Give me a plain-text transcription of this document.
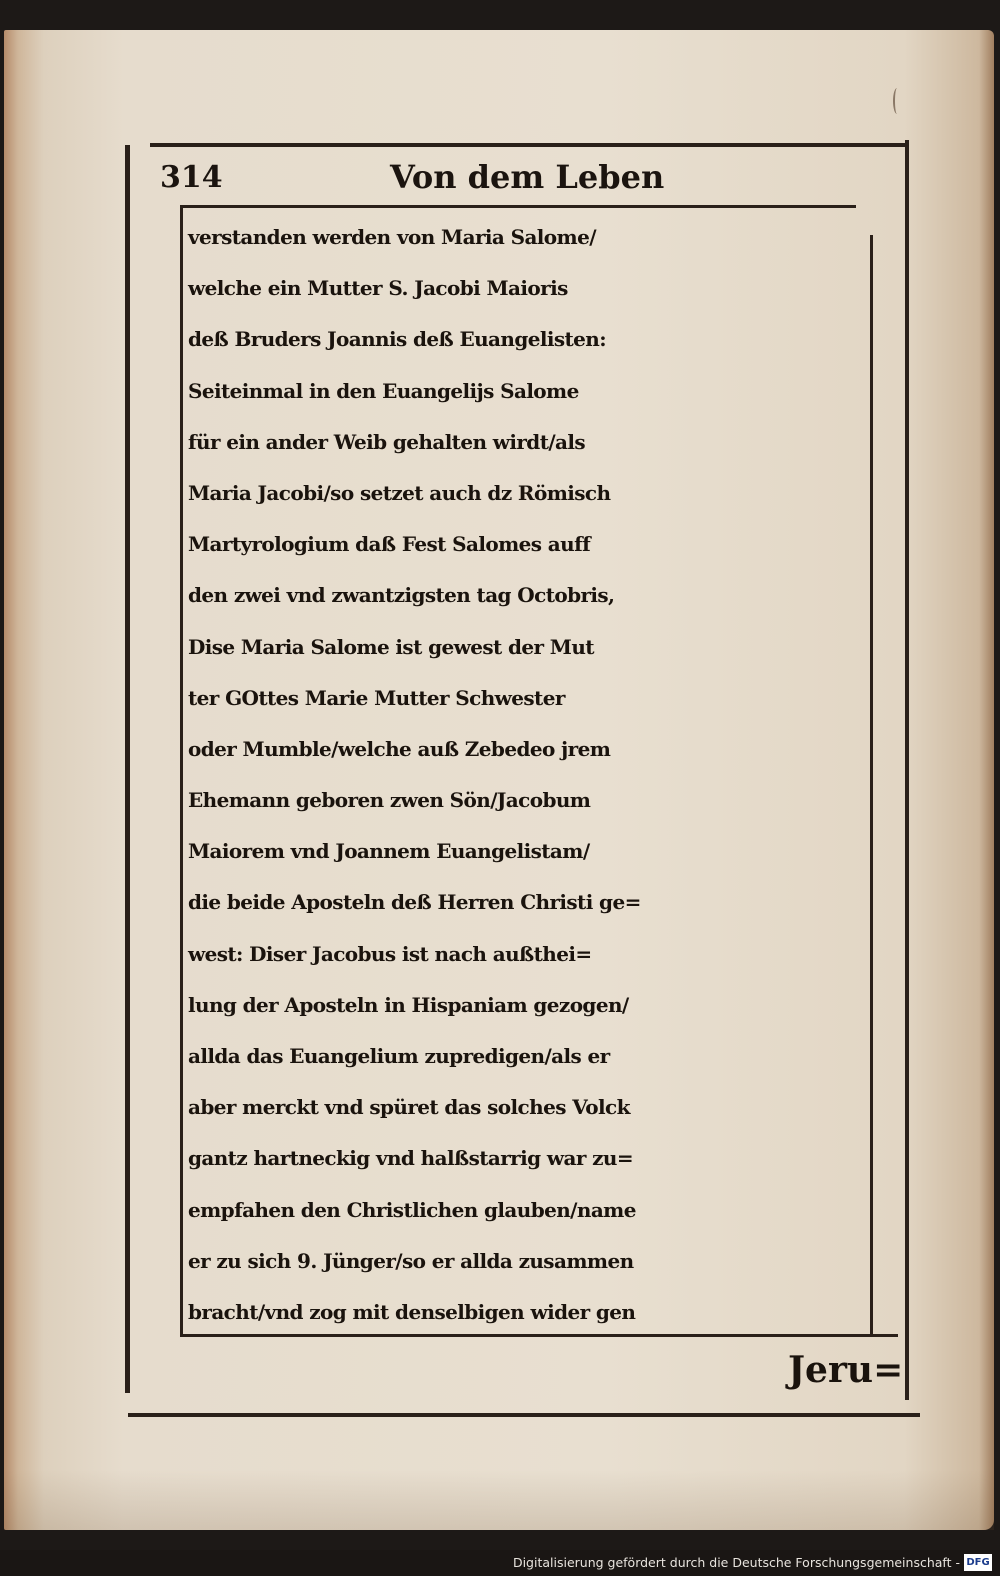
314	Von dem Leben
verstanden werden von Maria Salome/
welche ein Mutter S. Jacobi Maioris
deß Bruders Joannis deß Euangelisten:
Seiteinmal in den Euangelijs Salome
für ein ander Weib gehalten wirdt/als
Maria Jacobi/so setzet auch dz Römisch
Martyrologium daß Fest Salomes auff
den zwei vnd zwantzigsten tag Octobris,
Dise Maria Salome ist gewest der Mut
ter GOttes Marie Mutter Schwester
oder Mumble/welche auß Zebedeo jrem
Ehemann geboren zwen Sön/Jacobum
Maiorem vnd Joannem Euangelistam/
die beide Aposteln deß Herren Christi ge=
west: Diser Jacobus ist nach außthei=
lung der Aposteln in Hispaniam gezogen/
allda das Euangelium zupredigen/als er
aber merckt vnd spüret das solches Volck
gantz hartneckig vnd halßstarrig war zu=
empfahen den Christlichen glauben/name
er zu sich 9. Jünger/so er allda zusammen
bracht/vnd zog mit denselbigen wider gen
Jeru=
Digitalisierung gefördert durch die Deutsche Forschungsgemeinschaft - DFG
